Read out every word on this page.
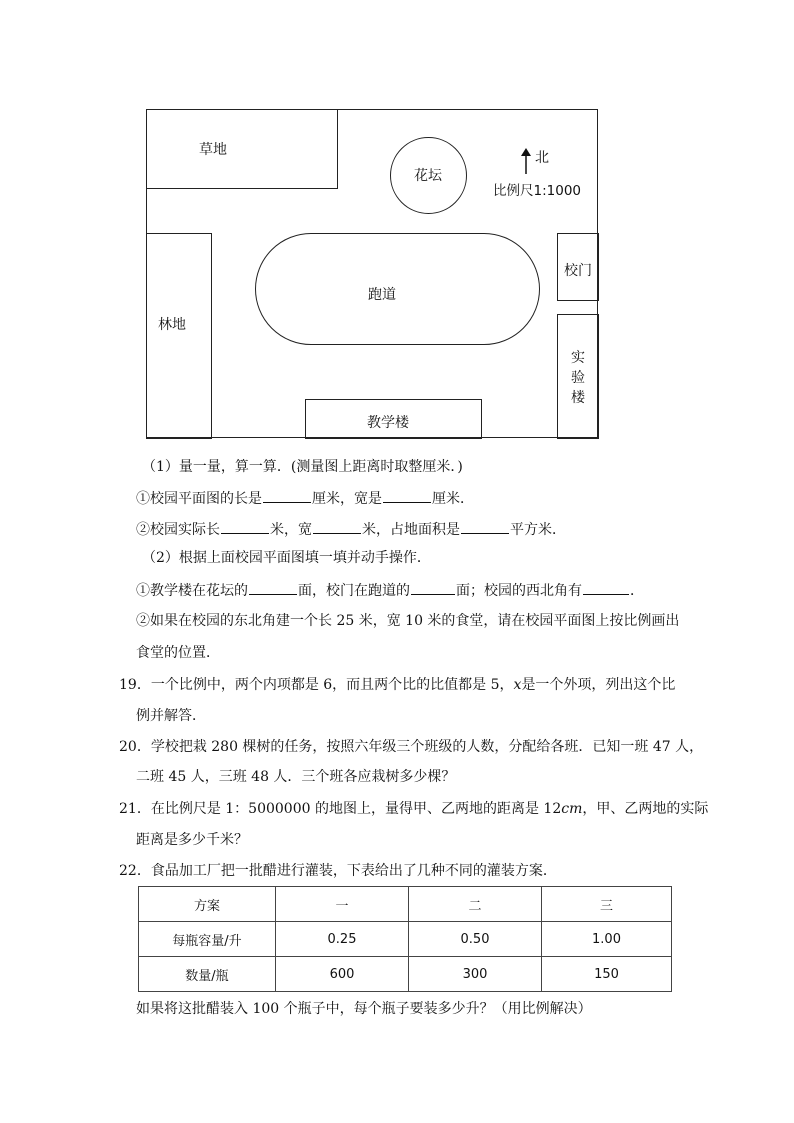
草地
花坛
北
比例尺1:1000
跑道
校门
林地
实
验
楼
教学楼
（1）量一量，算一算．(测量图上距离时取整厘米．)
①校园平面图的长是	厘米，宽是	厘米．
②校园实际长	米，宽	米，占地面积是	平方米．
（2）根据上面校园平面图填一填并动手操作．
①教学楼在花坛的	面，校门在跑道的	面；校园的西北角有	．
②如果在校园的东北角建一个长 25 米，宽 10 米的食堂，请在校园平面图上按比例画出
食堂的位置．
19．一个比例中，两个内项都是 6，而且两个比的比值都是 5，x是一个外项，列出这个比
例并解答．
20．学校把栽 280 棵树的任务，按照六年级三个班级的人数，分配给各班．已知一班 47 人，
二班 45 人，三班 48 人．三个班各应栽树多少棵？
21．在比例尺是 1：5000000 的地图上，量得甲、乙两地的距离是 12cm，甲、乙两地的实际
距离是多少千米？
22．食品加工厂把一批醋进行灌装，下表给出了几种不同的灌装方案．
方案	一	二	三
每瓶容量/升	0.25	0.50	1.00
数量/瓶	600	300	150
如果将这批醋装入 100 个瓶子中，每个瓶子要装多少升？（用比例解决）
